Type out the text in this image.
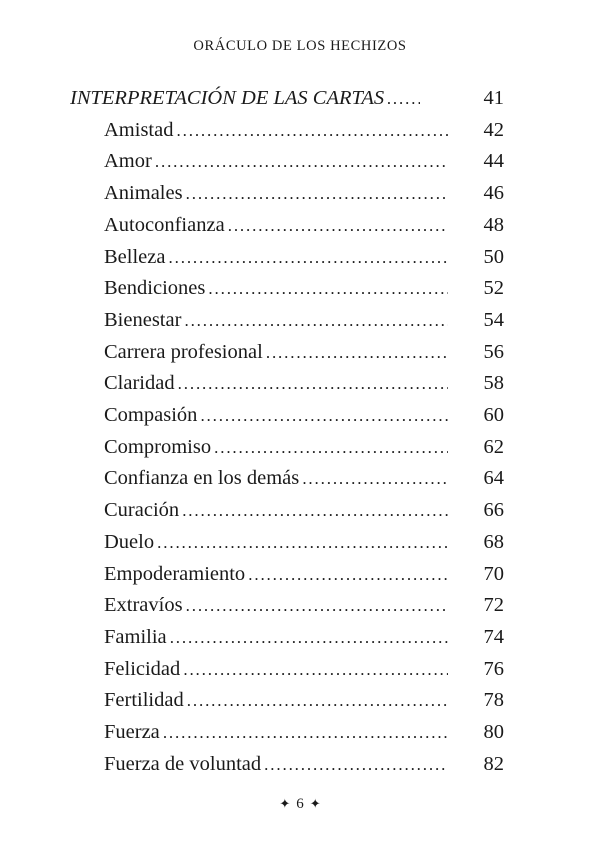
ORÁCULO DE LOS HECHIZOS
INTERPRETACIÓN DE LAS CARTAS . . .	41
Amistad . . .	42
Amor . . .	44
Animales . . .	46
Autoconfianza . . .	48
Belleza . . .	50
Bendiciones . . .	52
Bienestar . . .	54
Carrera profesional . . .	56
Claridad . . .	58
Compasión . . .	60
Compromiso . . .	62
Confianza en los demás . . .	64
Curación . . .	66
Duelo . . .	68
Empoderamiento . . .	70
Extravíos . . .	72
Familia . . .	74
Felicidad . . .	76
Fertilidad . . .	78
Fuerza . . .	80
Fuerza de voluntad . . .	82
✦ 6 ✦
